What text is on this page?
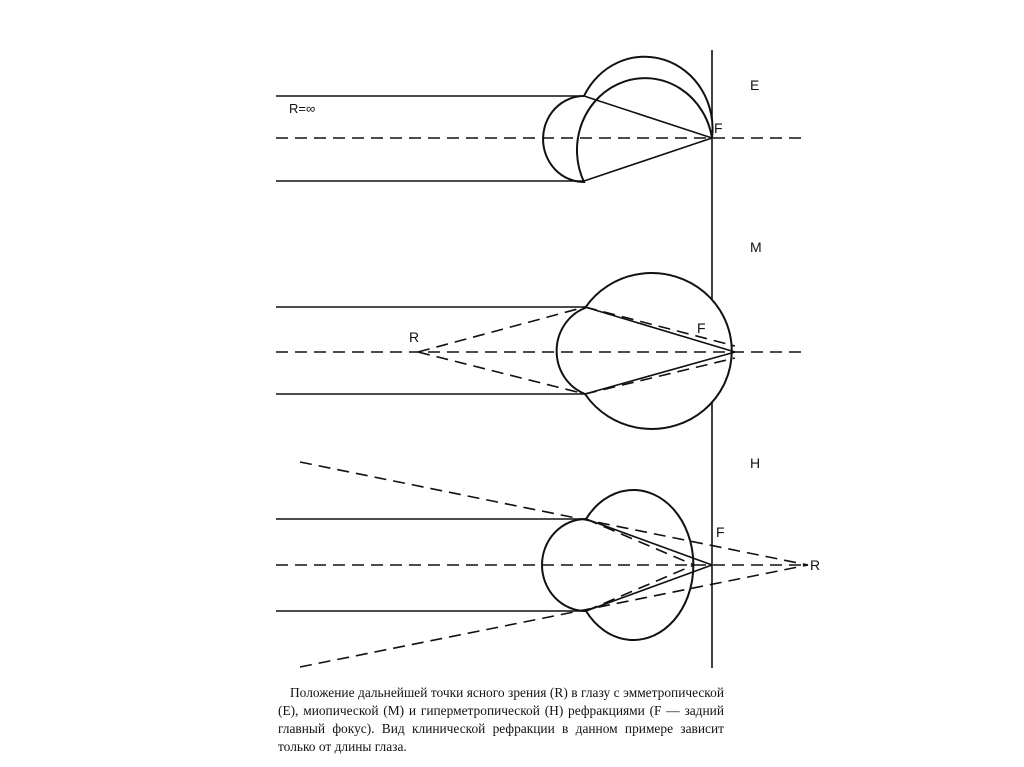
E
R=∞
F
M
R
F
H
F
R
Положение дальнейшей точки ясного зрения (R) в глазу с эмметропической (E), миопической (M) и гиперметропической (H) рефракциями (F — задний главный фокус). Вид клинической рефракции в данном примере зависит только от длины глаза.
